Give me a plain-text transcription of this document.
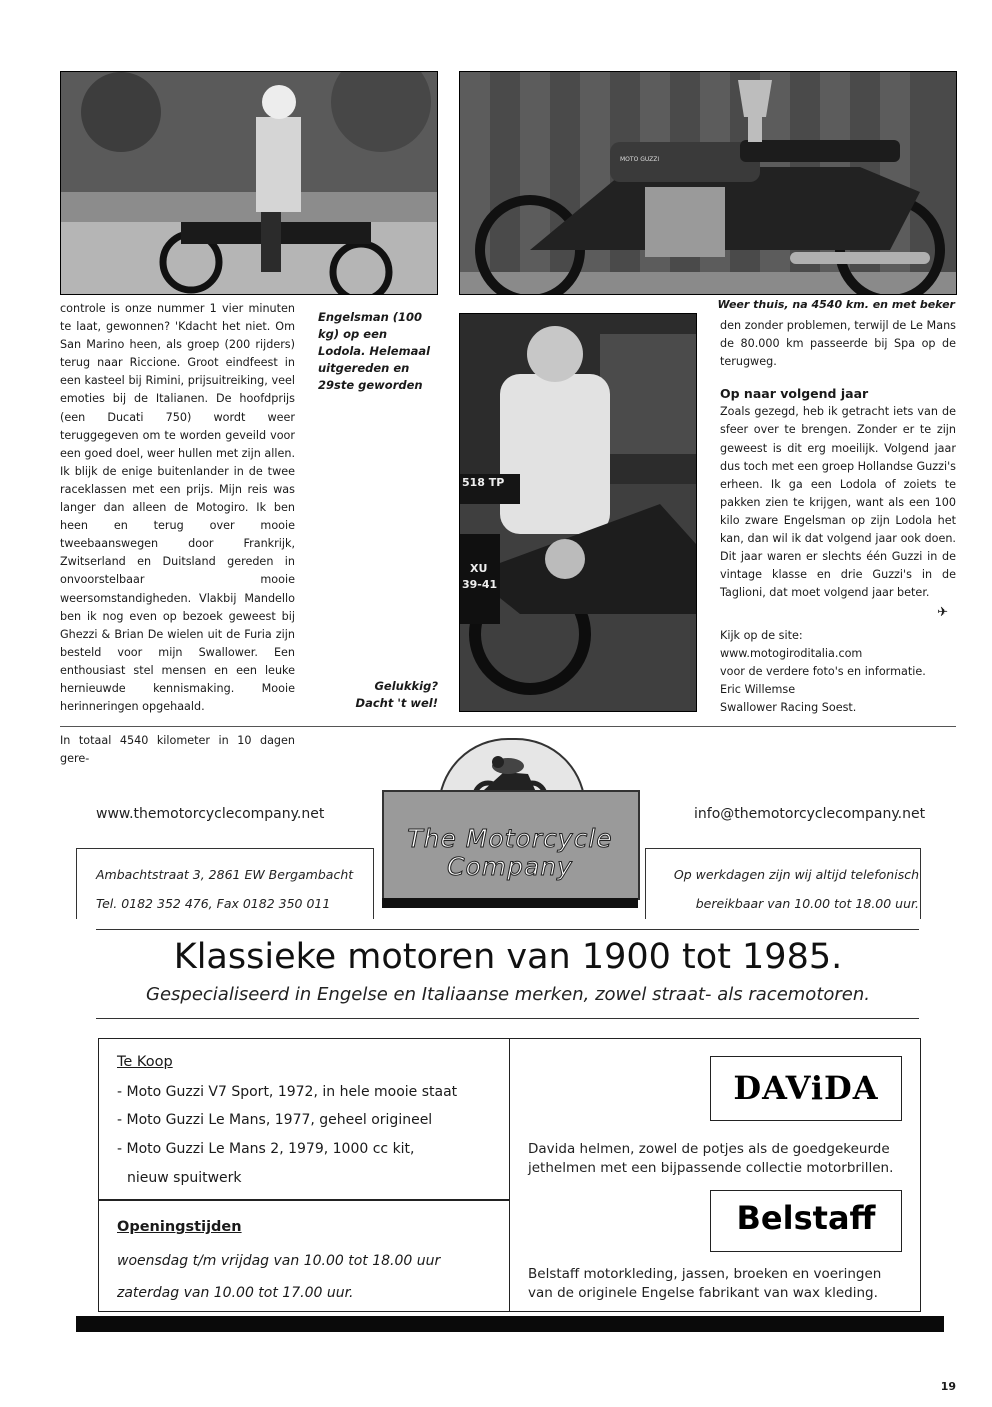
MOTO GUZZI
518 TP
XU
39-41

controle is onze nummer 1 vier minuten te laat, gewonnen? 'Kdacht het niet. Om San Marino heen, als groep (200 rijders) terug naar Riccione. Groot eindfeest in een kasteel bij Rimini, prijsuitreiking, veel emoties bij de Italianen. De hoofdprijs (een Ducati 750) wordt weer teruggegeven om te worden geveild voor een goed doel, weer hullen met zijn allen. Ik blijk de enige buitenlander in de twee raceklassen met een prijs. Mijn reis was langer dan alleen de Motogiro. Ik ben heen en terug over mooie tweebaanswegen door Frankrijk, Zwitserland en Duitsland gereden in onvoorstelbaar mooie weersomstandigheden. Vlakbij Mandello ben ik nog even op bezoek geweest bij Ghezzi & Brian De wielen uit de Furia zijn besteld voor mijn Swallower. Een enthousiast stel mensen en een leuke hernieuwde kennismaking. Mooie herinneringen opgehaald.

In totaal 4540 kilometer in 10 dagen gere-

Engelsman (100 kg) op een Lodola. Helemaal uitgereden en 29ste geworden
Gelukkig? Dacht 't wel!
Weer thuis, na 4540 km. en met beker

den zonder problemen, terwijl de Le Mans de 80.000 km passeerde bij Spa op de terugweg.

Op naar volgend jaar

Zoals gezegd, heb ik getracht iets van de sfeer over te brengen. Zonder er te zijn geweest is dit erg moeilijk. Volgend jaar dus toch met een groep Hollandse Guzzi's erheen. Ik ga een Lodola of zoiets te pakken zien te krijgen, want als een 100 kilo zware Engelsman op zijn Lodola het kan, dan wil ik dat volgend jaar ook doen. Dit jaar waren er slechts één Guzzi in de vintage klasse en drie Guzzi's in de Taglioni, dat moet volgend jaar beter.

✈

Kijk op de site:

www.motogiroditalia.com

voor de verdere foto's en informatie.

Eric Willemse

Swallower Racing Soest.

www.themotorcyclecompany.net	info@themotorcyclecompany.net
The Motorcycle
Company
Ambachtstraat 3, 2861 EW Bergambacht
Tel. 0182 352 476, Fax 0182 350 011
Op werkdagen zijn wij altijd telefonisch
bereikbaar van 10.00 tot 18.00 uur.
Klassieke motoren van 1900 tot 1985.
Gespecialiseerd in Engelse en Italiaanse merken, zowel straat- als racemotoren.
Te Koop
- Moto Guzzi V7 Sport, 1972, in hele mooie staat
- Moto Guzzi Le Mans, 1977, geheel origineel
- Moto Guzzi Le Mans 2, 1979, 1000 cc kit,
nieuw spuitwerk
Openingstijden
woensdag t/m vrijdag van 10.00 tot 18.00 uur
zaterdag van 10.00 tot 17.00 uur.
DAViDA
Davida helmen, zowel de potjes als de goedgekeurde jethelmen met een bijpassende collectie motorbrillen.
Belstaff
Belstaff motorkleding, jassen, broeken en voeringen van de originele Engelse fabrikant van wax kleding.
19
